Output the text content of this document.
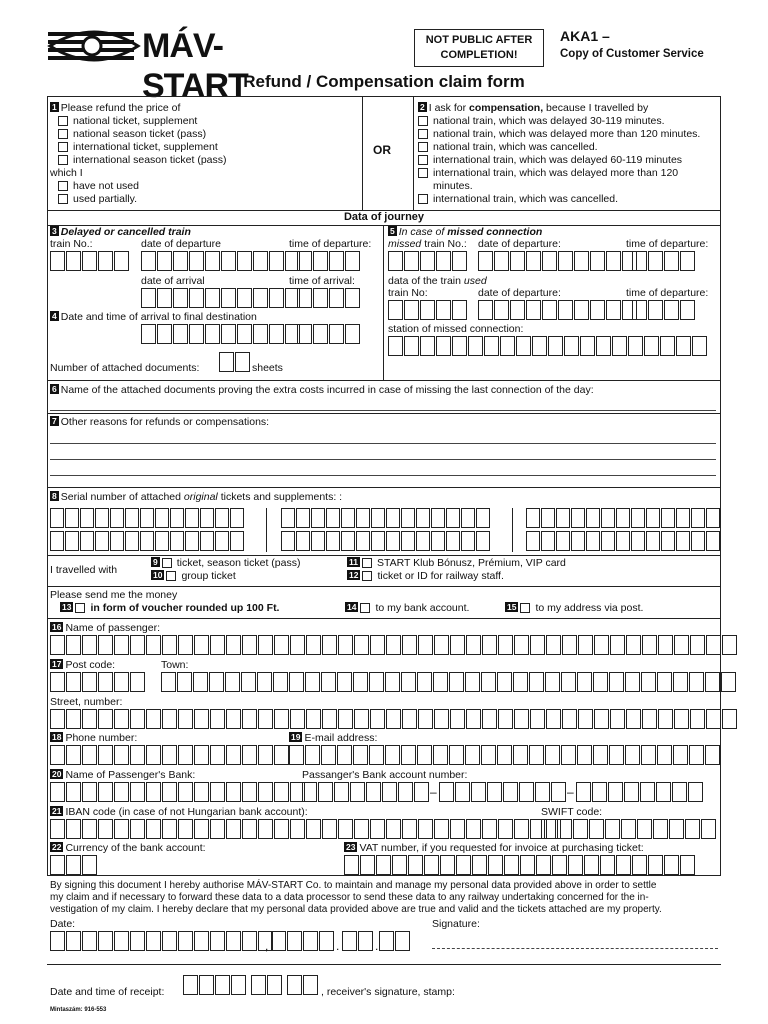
MÁV-START
NOT PUBLIC AFTER
COMPLETION!
AKA1 –
Copy of Customer Service
Refund / Compensation claim form
1 Please refund the price of
national ticket, supplement
national season ticket (pass)
international ticket, supplement
international season ticket (pass)
which I
have not used
used partially.
OR
2 I ask for compensation, because I travelled by
national train, which was delayed 30-119 minutes.
national train, which was delayed more than 120 minutes.
national train, which was cancelled.
international train, which was delayed 60-119 minutes
international train, which was delayed more than 120
minutes.
international train, which was cancelled.
Data of journey
3 Delayed or cancelled train
train No.:	date of departure	time of departure:
date of arrival	time of arrival:
4 Date and time of arrival to final destination
Number of attached documents:	sheets
5 In case of missed connection
missed train No.: date of departure:	time of departure:
data of the train used
train No:	date of departure:	time of departure:
station of missed connection:
6 Name of the attached documents proving the extra costs incurred in case of missing the last connection of the day:
7 Other reasons for refunds or compensations:
8 Serial number of attached original tickets and supplements: :
I travelled with
9 ticket, season ticket (pass)
10 group ticket
11 START Klub Bónusz, Prémium, VIP card
12 ticket or ID for railway staff.
Please send me the money
13 in form of voucher rounded up 100 Ft.	14 to my bank account.	15 to my address via post.
16 Name of passenger:
17 Post code:	Town:
Street, number:
18 Phone number:	19 E-mail address:
20 Name of Passenger's Bank:	Passanger's Bank account number:
–	–
21 IBAN code (in case of not Hungarian bank account):	SWIFT code:
22 Currency of the bank account:	23 VAT number, if you requested for invoice at purchasing ticket:
By signing this document I hereby authorise MÁV-START Co. to maintain and manage my personal data provided above in order to settle
my claim and if necessary to forward these data to a data processor to send these data to any railway undertaking concerned for the in-
vestigation of my claim. I hereby declare that my personal data provided above are true and valid and the tickets attached are my property.
Date:	Signature:
,	.	.
Date and time of receipt:	, receiver's signature, stamp:
Mintaszám: 916-553
